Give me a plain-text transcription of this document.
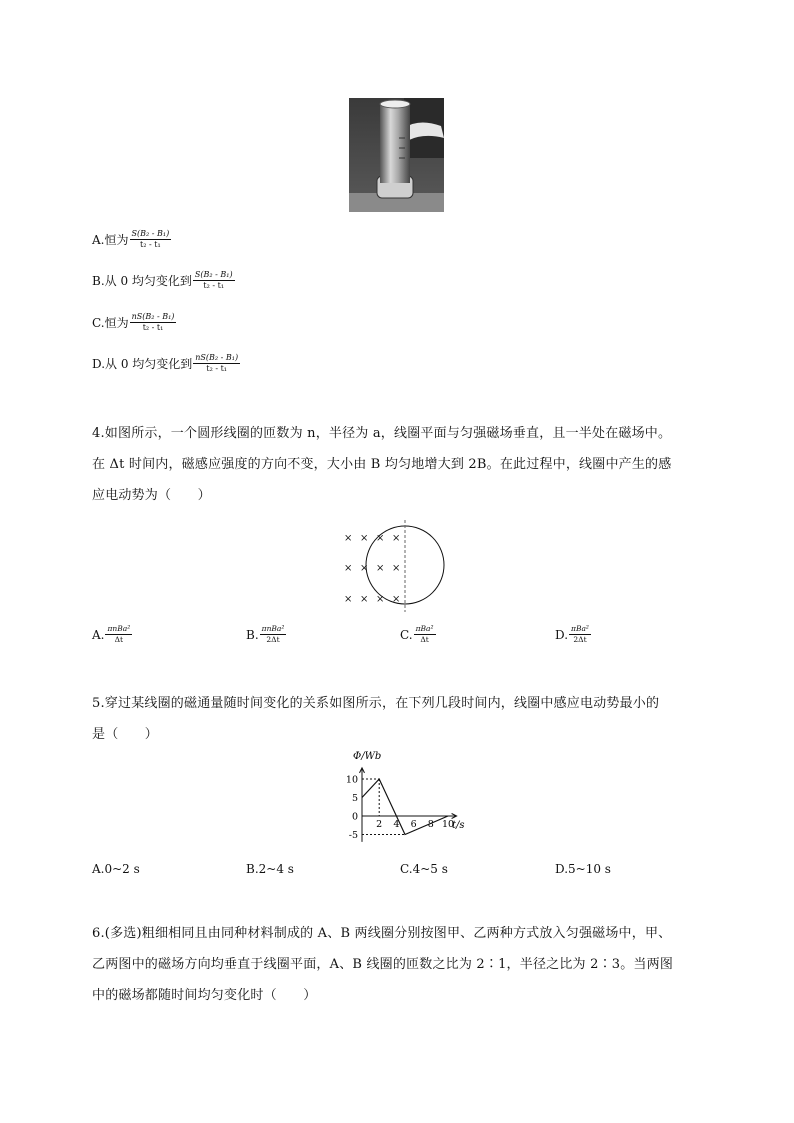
A. 恒为 $\frac{\text{S(B₂ - B₁)}}{\text{t₂ - t₁}}$
B. 从 0 均匀变化到 $\frac{\text{S(B₂ - B₁)}}{\text{t₂ - t₁}}$
C. 恒为 $\frac{\text{nS(B₂ - B₁)}}{\text{t₂ - t₁}}$
D. 从 0 均匀变化到 $\frac{\text{nS(B₂ - B₁)}}{\text{t₂ - t₁}}$
4.如图所示，一个圆形线圈的匝数为 n，半径为 a，线圈平面与匀强磁场垂直，且一半处在磁场中。
在 Δt 时间内，磁感应强度的方向不变，大小由 B 均匀地增大到 2B。在此过程中，线圈中产生的感
应电动势为（　　）
× × × ×
× × × ×
× × × ×
A. $\frac{\text{πnBa²}}{\Delta t}$	B. $\frac{\text{πnBa²}}{2\Delta t}$	C. $\frac{\text{πBa²}}{\Delta t}$	D. $\frac{\text{πBa²}}{2\Delta t}$
5.穿过某线圈的磁通量随时间变化的关系如图所示，在下列几段时间内，线圈中感应电动势最小的
是（　　）
2 4 6 8 10
10
5
0
-5
Φ/Wb
t/s
A. 0~2 s	B. 2~4 s	C. 4~5 s	D. 5~10 s
6.(多选)粗细相同且由同种材料制成的 A、B 两线圈分别按图甲、乙两种方式放入匀强磁场中，甲、
乙两图中的磁场方向均垂直于线圈平面，A、B 线圈的匝数之比为 2∶1，半径之比为 2∶3。当两图
中的磁场都随时间均匀变化时（　　）
